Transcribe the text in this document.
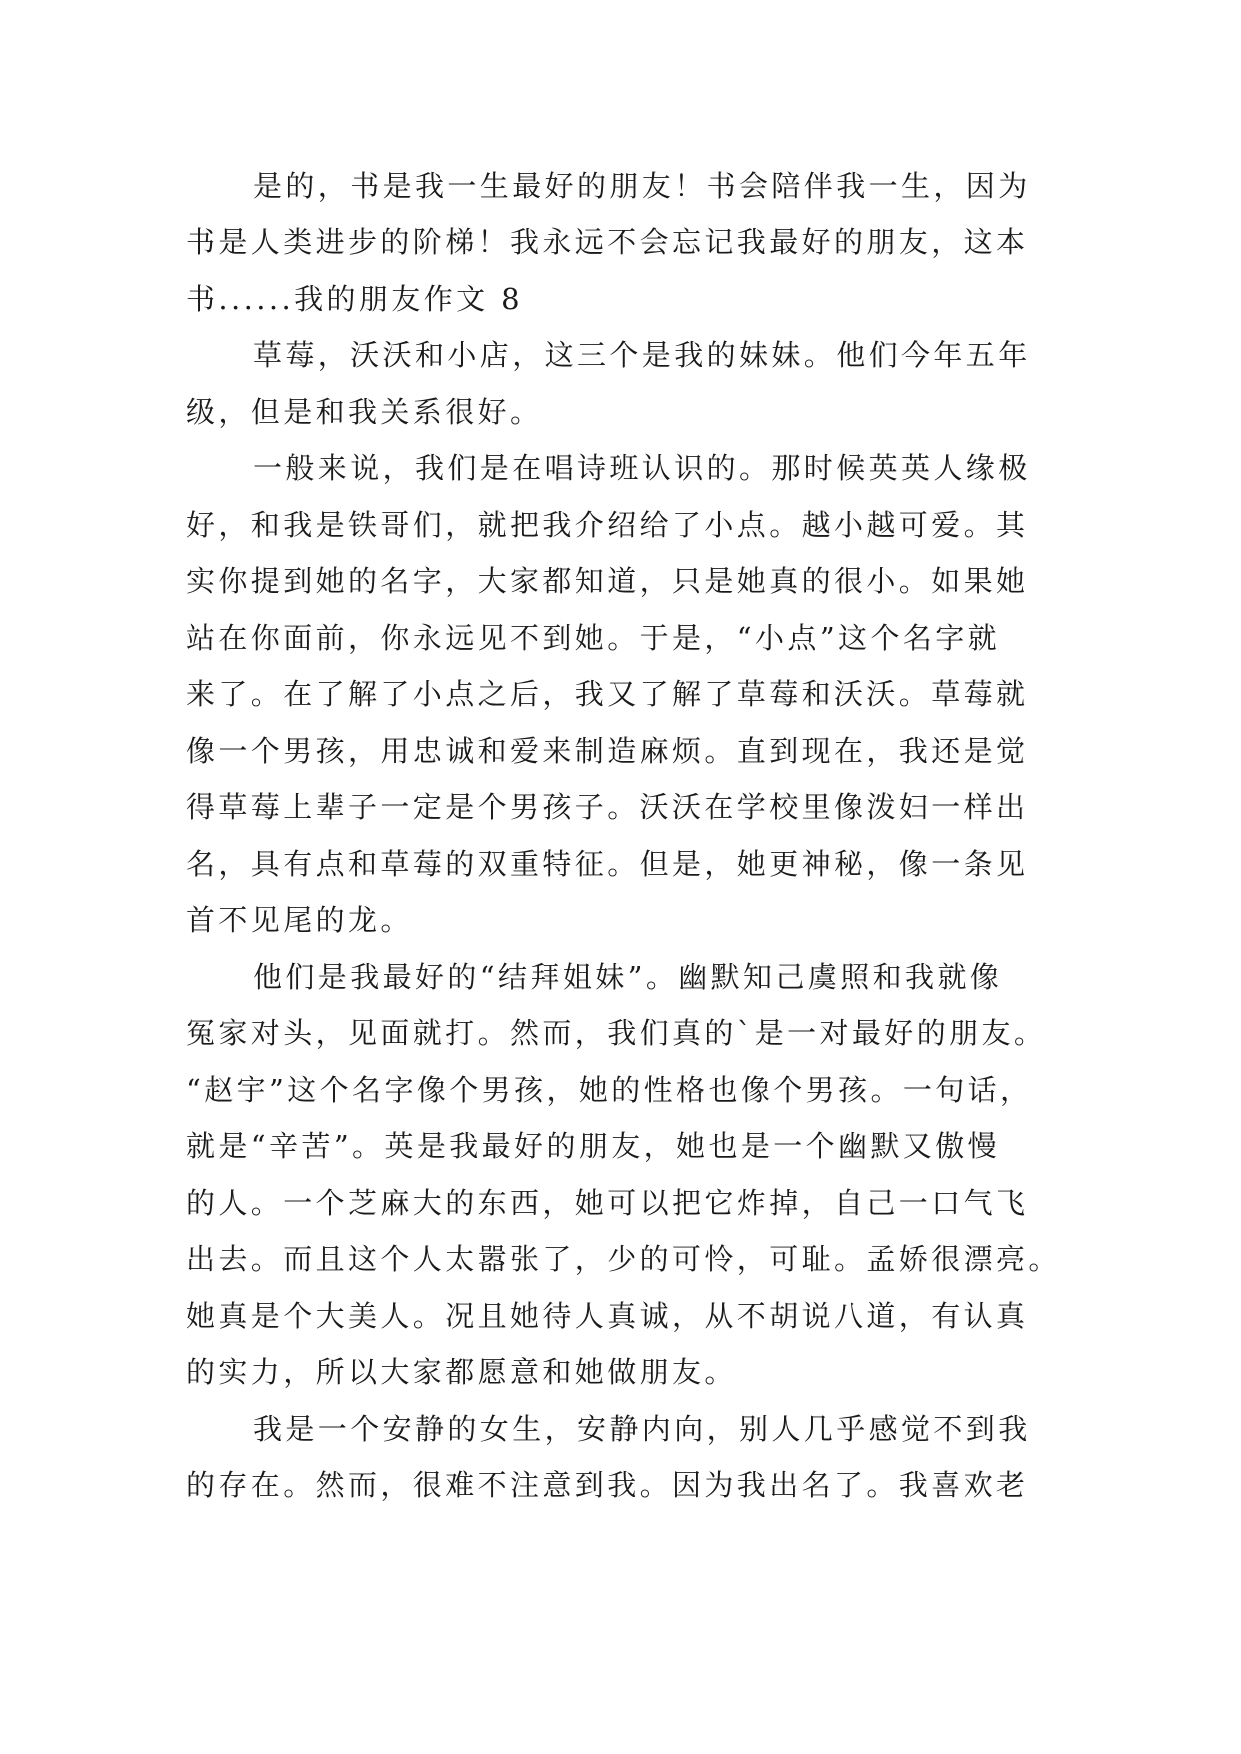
是的，书是我一生最好的朋友！书会陪伴我一生，因为
书是人类进步的阶梯！我永远不会忘记我最好的朋友，这本
书......我的朋友作文 8
草莓，沃沃和小店，这三个是我的妹妹。他们今年五年
级，但是和我关系很好。
一般来说，我们是在唱诗班认识的。那时候英英人缘极
好，和我是铁哥们，就把我介绍给了小点。越小越可爱。其
实你提到她的名字，大家都知道，只是她真的很小。如果她
站在你面前，你永远见不到她。于是，“小点”这个名字就
来了。在了解了小点之后，我又了解了草莓和沃沃。草莓就
像一个男孩，用忠诚和爱来制造麻烦。直到现在，我还是觉
得草莓上辈子一定是个男孩子。沃沃在学校里像泼妇一样出
名，具有点和草莓的双重特征。但是，她更神秘，像一条见
首不见尾的龙。
他们是我最好的“结拜姐妹”。幽默知己虞照和我就像
冤家对头，见面就打。然而，我们真的`是一对最好的朋友。
“赵宇”这个名字像个男孩，她的性格也像个男孩。一句话，
就是“辛苦”。英是我最好的朋友，她也是一个幽默又傲慢
的人。一个芝麻大的东西，她可以把它炸掉，自己一口气飞
出去。而且这个人太嚣张了，少的可怜，可耻。孟娇很漂亮。
她真是个大美人。况且她待人真诚，从不胡说八道，有认真
的实力，所以大家都愿意和她做朋友。
我是一个安静的女生，安静内向，别人几乎感觉不到我
的存在。然而，很难不注意到我。因为我出名了。我喜欢老
